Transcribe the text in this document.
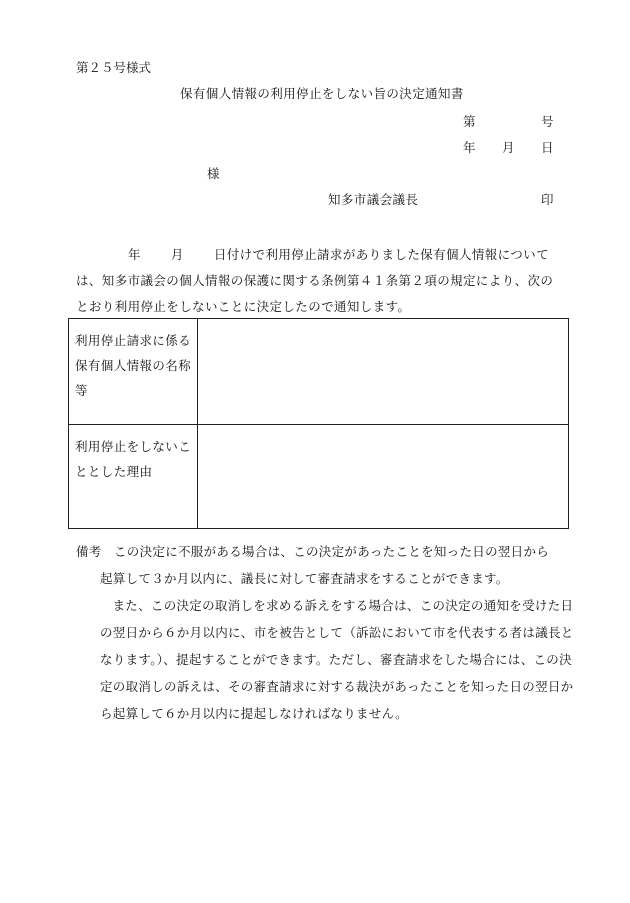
第２５号様式
保有個人情報の利用停止をしない旨の決定通知書
第	号
年 月 日
様
知多市議会議長	印
年 月 日付けで利用停止請求がありました保有個人情報について
は、知多市議会の個人情報の保護に関する条例第４１条第２項の規定により、次の
とおり利用停止をしないことに決定したので通知します。
利用停止請求に係る保有個人情報の名称等	

利用停止をしないこととした理由	

備考 この決定に不服がある場合は、この決定があったことを知った日の翌日から
起算して３か月以内に、議長に対して審査請求をすることができます。
また、この決定の取消しを求める訴えをする場合は、この決定の通知を受けた日の翌日から６か月以内に、市を被告として（訴訟において市を代表する者は議長となります。）、提起することができます。ただし、審査請求をした場合には、この決定の取消しの訴えは、その審査請求に対する裁決があったことを知った日の翌日から起算して６か月以内に提起しなければなりません。
